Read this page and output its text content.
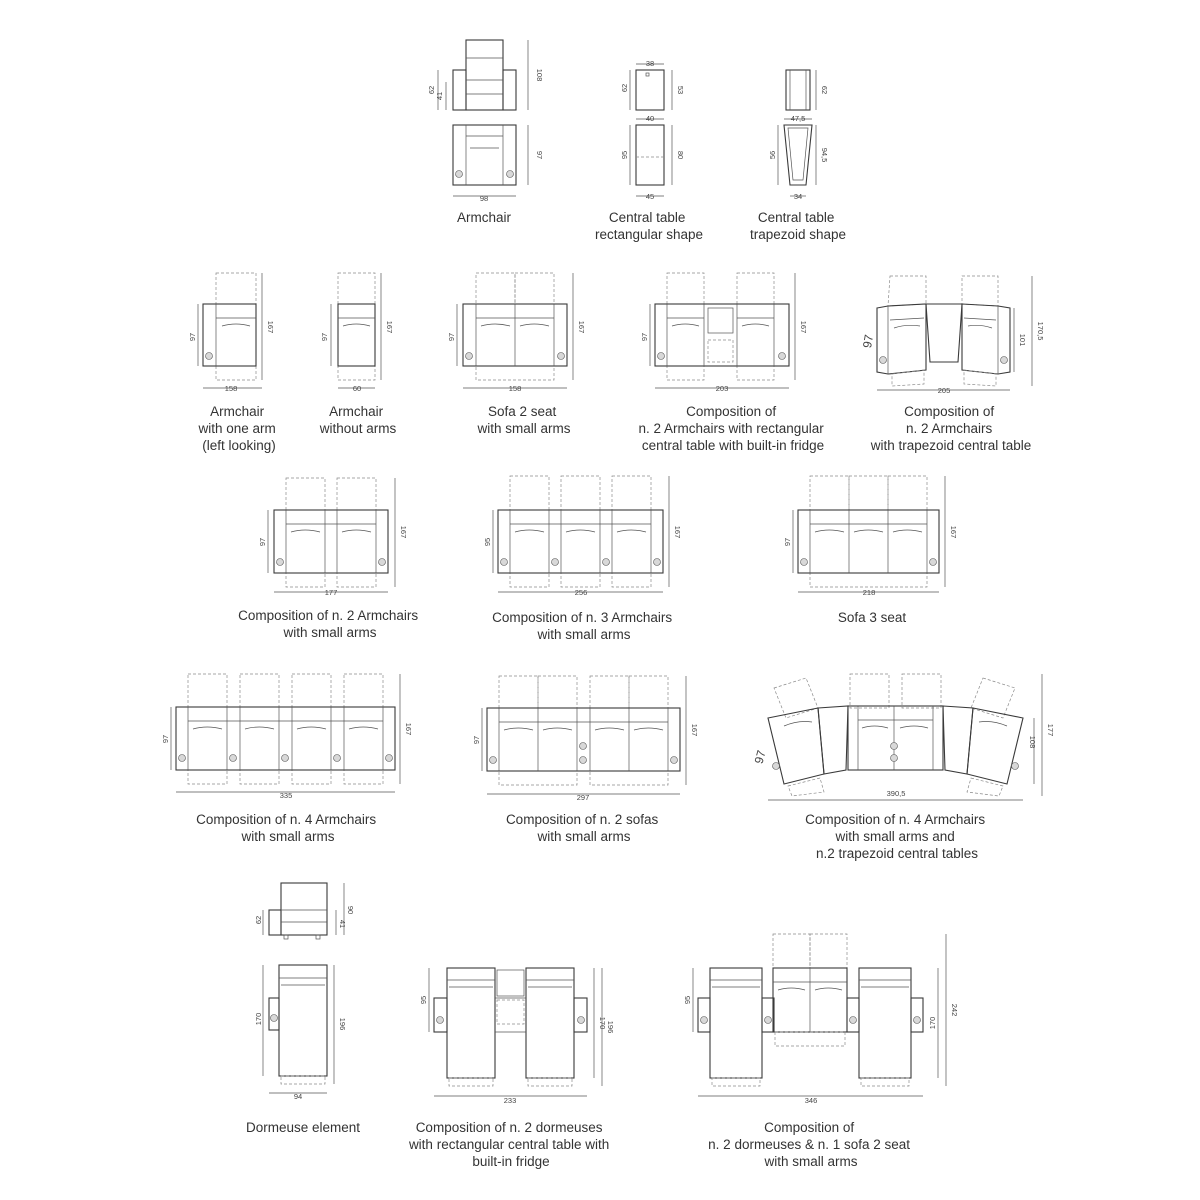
108
62
41
97
98
Armchair
38
62	53
40
95	80
45
Central table rectangular shape
62
47,5
56	94,5
34
Central table trapezoid shape
97
167
158
Armchair with one arm (left looking)
97
167
60
Armchair without arms
97
167
158
Sofa 2 seat with small arms
97
167
203
Composition of n. 2 Armchairs with rectangular central table with built-in fridge
97	101 170,5
205
Composition of n. 2 Armchairs with trapezoid central table
97
167
177
Composition of n. 2 Armchairs with small arms
95
167
256
Composition of n. 3 Armchairs with small arms
97
167
218
Sofa 3 seat
97
167
335
Composition of n. 4 Armchairs with small arms
97
167
297
Composition of n. 2 sofas with small arms
97
108
177
390,5
Composition of n. 4 Armchairs with small arms and n.2 trapezoid central tables
62	41
90
170	196
94
Dormeuse element
95
170 196
233
Composition of n. 2 dormeuses with rectangular central table with built-in fridge
95
170
242
346
Composition of n. 2 dormeuses & n. 1 sofa 2 seat with small arms
